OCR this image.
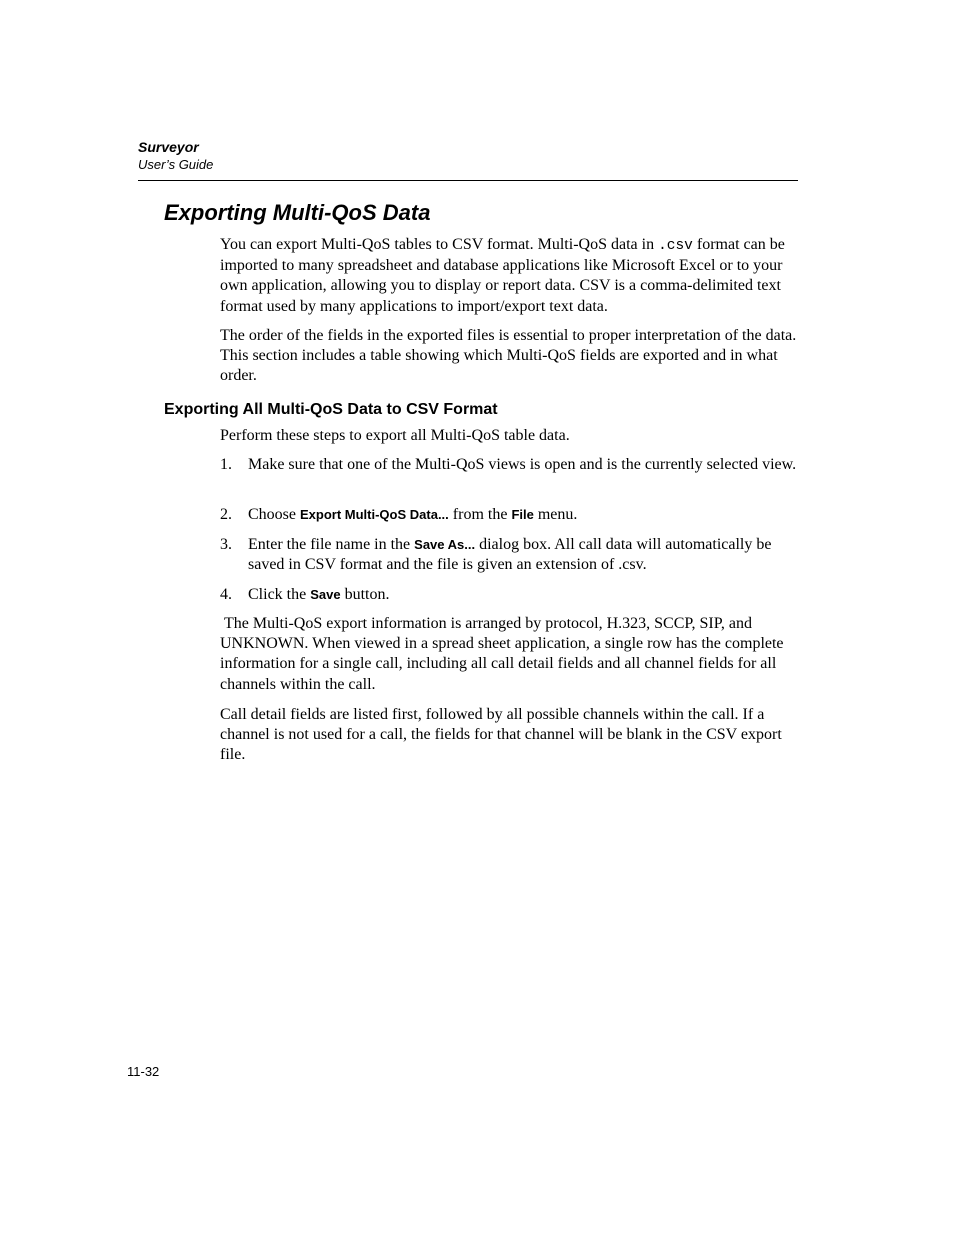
Surveyor
User’s Guide
Exporting Multi-QoS Data

You can export Multi-QoS tables to CSV format. Multi-QoS data in .csv format can be imported to many spreadsheet and database applications like Microsoft Excel or to your own application, allowing you to display or report data. CSV is a comma-delimited text format used by many applications to import/export text data.

The order of the fields in the exported files is essential to proper interpretation of the data. This section includes a table showing which Multi-QoS fields are exported and in what order.

Exporting All Multi-QoS Data to CSV Format

Perform these steps to export all Multi-QoS table data.

1.	Make sure that one of the Multi-QoS views is open and is the currently selected view.
2.	Choose Export Multi-QoS Data... from the File menu.
3.	Enter the file name in the Save As... dialog box. All call data will automatically be saved in CSV format and the file is given an extension of .csv.
4.	Click the Save button.

The Multi-QoS export information is arranged by protocol, H.323, SCCP, SIP, and UNKNOWN. When viewed in a spread sheet application, a single row has the complete information for a single call, including all call detail fields and all channel fields for all channels within the call.

Call detail fields are listed first, followed by all possible channels within the call. If a channel is not used for a call, the fields for that channel will be blank in the CSV export file.

11-32
